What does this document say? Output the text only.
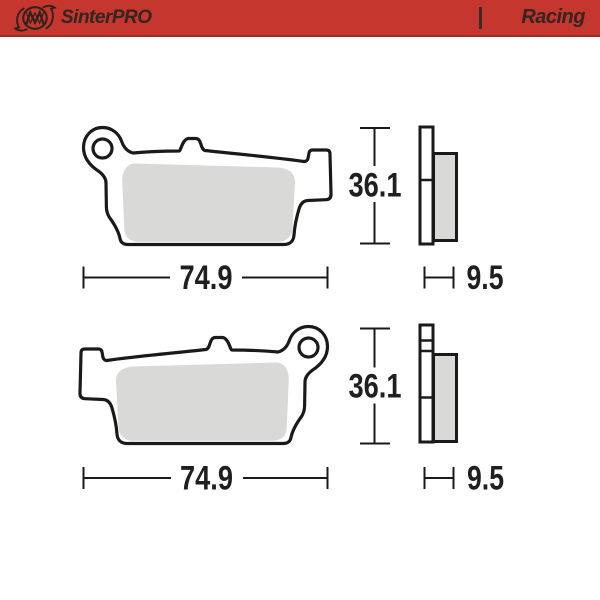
SinterPRO	Racing
36.1
74.9	9.5
36.1
74.9	9.5
